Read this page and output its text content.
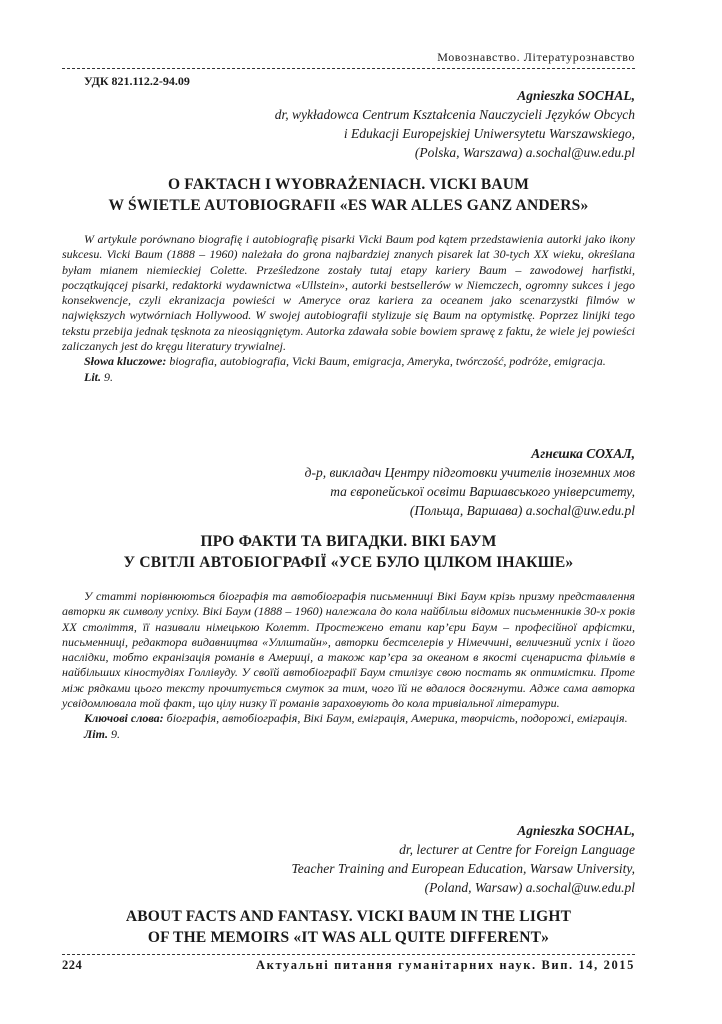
Мовознавство. Літературознавство
УДК 821.112.2-94.09
Agnieszka SOCHAL,
dr, wykładowca Centrum Kształcenia Nauczycieli Języków Obcych
i Edukacji Europejskiej Uniwersytetu Warszawskiego,
(Polska, Warszawa) a.sochal@uw.edu.pl
O FAKTACH I WYOBRAŻENIACH. VICKI BAUM
W ŚWIETLE AUTOBIOGRAFII «ES WAR ALLES GANZ ANDERS»

W artykule porównano biografię i autobiografię pisarki Vicki Baum pod kątem przedstawienia autorki jako ikony sukcesu. Vicki Baum (1888 – 1960) należała do grona najbardziej znanych pisarek lat 30-tych XX wieku, określana byłam mianem niemieckiej Colette. Prześledzone zostały tutaj etapy kariery Baum – zawodowej harfistki, początkującej pisarki, redaktorki wydawnictwa «Ullstein», autorki bestsellerów w Niemczech, ogromny sukces i jego konsekwencje, czyli ekranizacja powieści w Ameryce oraz kariera za oceanem jako scenarzystki filmów w największych wytwórniach Hollywood. W swojej autobiografii stylizuje się Baum na optymistkę. Poprzez linijki tego tekstu przebija jednak tęsknota za nieosiągniętym. Autorka zdawała sobie bowiem sprawę z faktu, że wiele jej powieści zaliczanych jest do kręgu literatury trywialnej.

Słowa kluczowe: biografia, autobiografia, Vicki Baum, emigracja, Ameryka, twórczość, podróże, emigracja.

Lit. 9.

Агнєшка СОХАЛ,
д-р, викладач Центру підготовки учителів іноземних мов
та європейської освіти Варшавського університету,
(Польща, Варшава) a.sochal@uw.edu.pl
ПРО ФАКТИ ТА ВИГАДКИ. ВІКІ БАУМ
У СВІТЛІ АВТОБІОГРАФІЇ «УСЕ БУЛО ЦІЛКОМ ІНАКШЕ»

У статті порівнюються біографія та автобіографія письменниці Вікі Баум крізь призму представлення авторки як символу успіху. Вікі Баум (1888 – 1960) належала до кола найбільш відомих письменників 30-х років ХХ століття, її називали німецькою Колетт. Простежено етапи кар’єри Баум – професійної арфістки, письменниці, редактора видавництва «Уллштайн», авторки бестселерів у Німеччині, величезний успіх і його наслідки, тобто екранізація романів в Америці, а також кар’єра за океаном в якості сценариста фільмів в найбільших кіностудіях Голлівуду. У своїй автобіографії Баум стилізує свою постать як оптимістки. Проте між рядками цього тексту прочитується смуток за тим, чого їй не вдалося досягнути. Адже сама авторка усвідомлювала той факт, що цілу низку її романів зараховують до кола тривіальної літератури.

Ключові слова: біографія, автобіографія, Вікі Баум, еміграція, Америка, творчість, подорожі, еміграція.

Літ. 9.

Agnieszka SOCHAL,
dr, lecturer at Centre for Foreign Language
Teacher Training and European Education, Warsaw University,
(Poland, Warsaw) a.sochal@uw.edu.pl
ABOUT FACTS AND FANTASY. VICKI BAUM IN THE LIGHT
OF THE MEMOIRS «IT WAS ALL QUITE DIFFERENT»
224	Актуальні питання гуманітарних наук. Вип. 14, 2015
